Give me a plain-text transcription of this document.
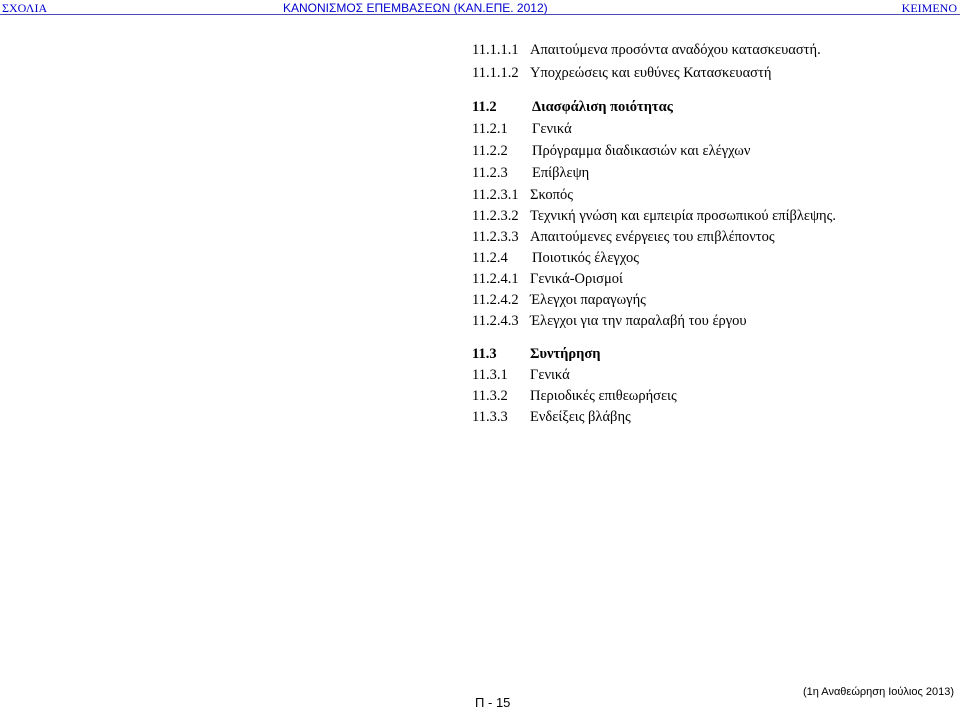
ΣΧΟΛΙΑ	ΚΑΝΟΝΙΣΜΟΣ ΕΠΕΜΒΑΣΕΩΝ (ΚΑΝ.ΕΠΕ. 2012)	ΚΕΙΜΕΝΟ
11.1.1.1 Απαιτούμενα προσόντα αναδόχου κατασκευαστή.
11.1.1.2 Υποχρεώσεις και ευθύνες Κατασκευαστή
11.2 Διασφάλιση ποιότητας
11.2.1 Γενικά
11.2.2 Πρόγραμμα διαδικασιών και ελέγχων
11.2.3 Επίβλεψη
11.2.3.1 Σκοπός
11.2.3.2 Τεχνική γνώση και εμπειρία προσωπικού επίβλεψης.
11.2.3.3 Απαιτούμενες ενέργειες του επιβλέποντος
11.2.4 Ποιοτικός έλεγχος
11.2.4.1 Γενικά-Ορισμοί
11.2.4.2 Έλεγχοι παραγωγής
11.2.4.3 Έλεγχοι για την παραλαβή του έργου
11.3 Συντήρηση
11.3.1 Γενικά
11.3.2 Περιοδικές επιθεωρήσεις
11.3.3 Ενδείξεις βλάβης
Π - 15
(1η Αναθεώρηση Ιούλιος 2013)
